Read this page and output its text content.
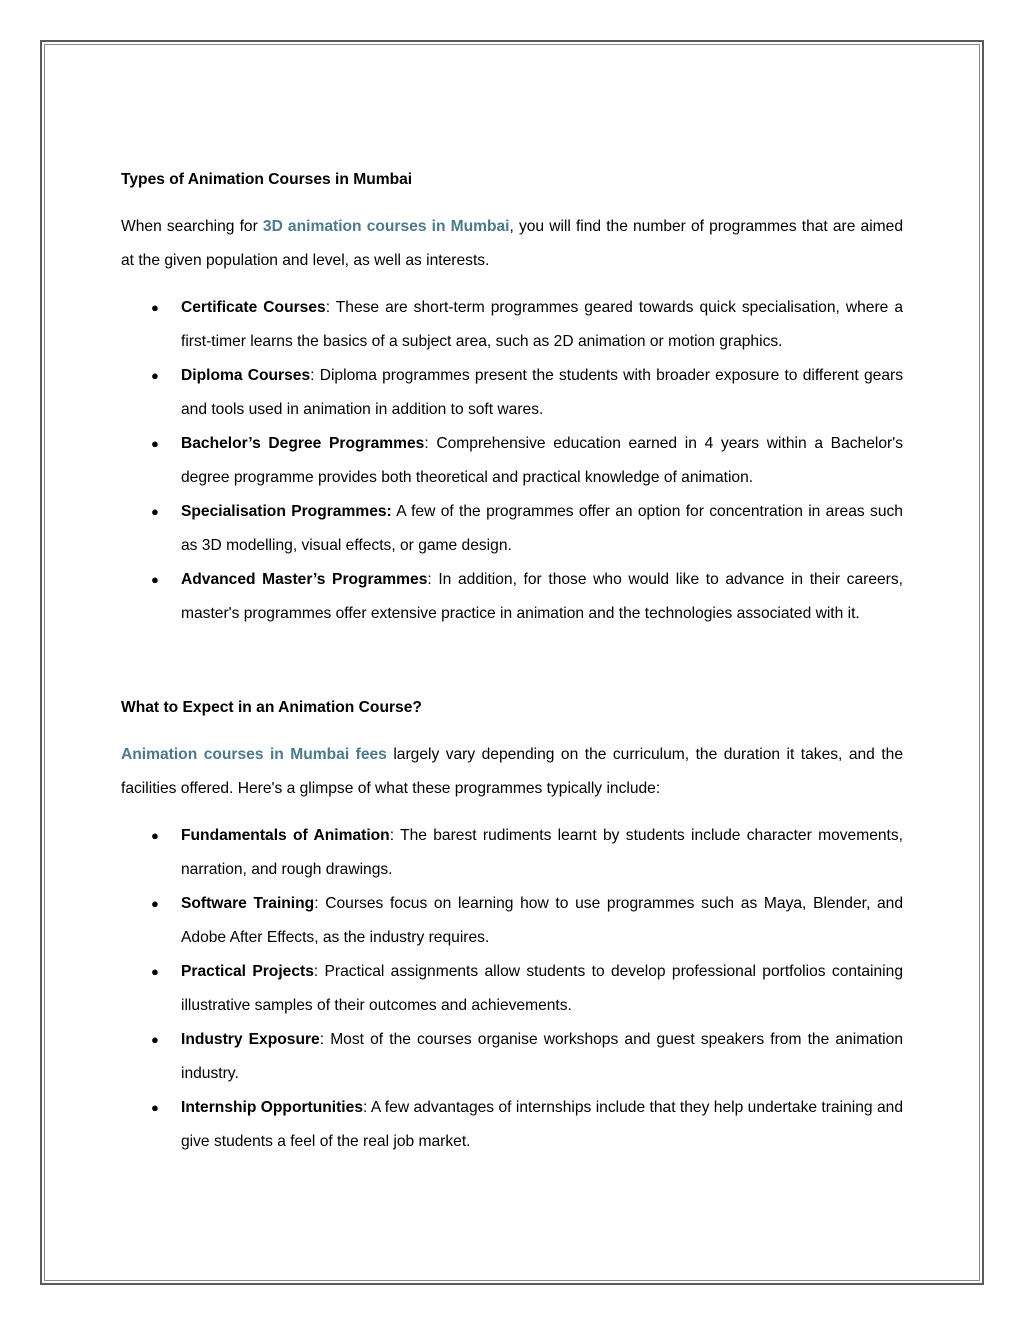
Types of Animation Courses in Mumbai

When searching for 3D animation courses in Mumbai, you will find the number of programmes that are aimed at the given population and level, as well as interests.

● Certificate Courses: These are short-term programmes geared towards quick specialisation, where a first-timer learns the basics of a subject area, such as 2D animation or motion graphics.
● Diploma Courses: Diploma programmes present the students with broader exposure to different gears and tools used in animation in addition to soft wares.
● Bachelor’s Degree Programmes: Comprehensive education earned in 4 years within a Bachelor's degree programme provides both theoretical and practical knowledge of animation.
● Specialisation Programmes: A few of the programmes offer an option for concentration in areas such as 3D modelling, visual effects, or game design.
● Advanced Master’s Programmes: In addition, for those who would like to advance in their careers, master's programmes offer extensive practice in animation and the technologies associated with it.
What to Expect in an Animation Course?

Animation courses in Mumbai fees largely vary depending on the curriculum, the duration it takes, and the facilities offered. Here's a glimpse of what these programmes typically include:

● Fundamentals of Animation: The barest rudiments learnt by students include character movements, narration, and rough drawings.
● Software Training: Courses focus on learning how to use programmes such as Maya, Blender, and Adobe After Effects, as the industry requires.
● Practical Projects: Practical assignments allow students to develop professional portfolios containing illustrative samples of their outcomes and achievements.
● Industry Exposure: Most of the courses organise workshops and guest speakers from the animation industry.
● Internship Opportunities: A few advantages of internships include that they help undertake training and give students a feel of the real job market.
